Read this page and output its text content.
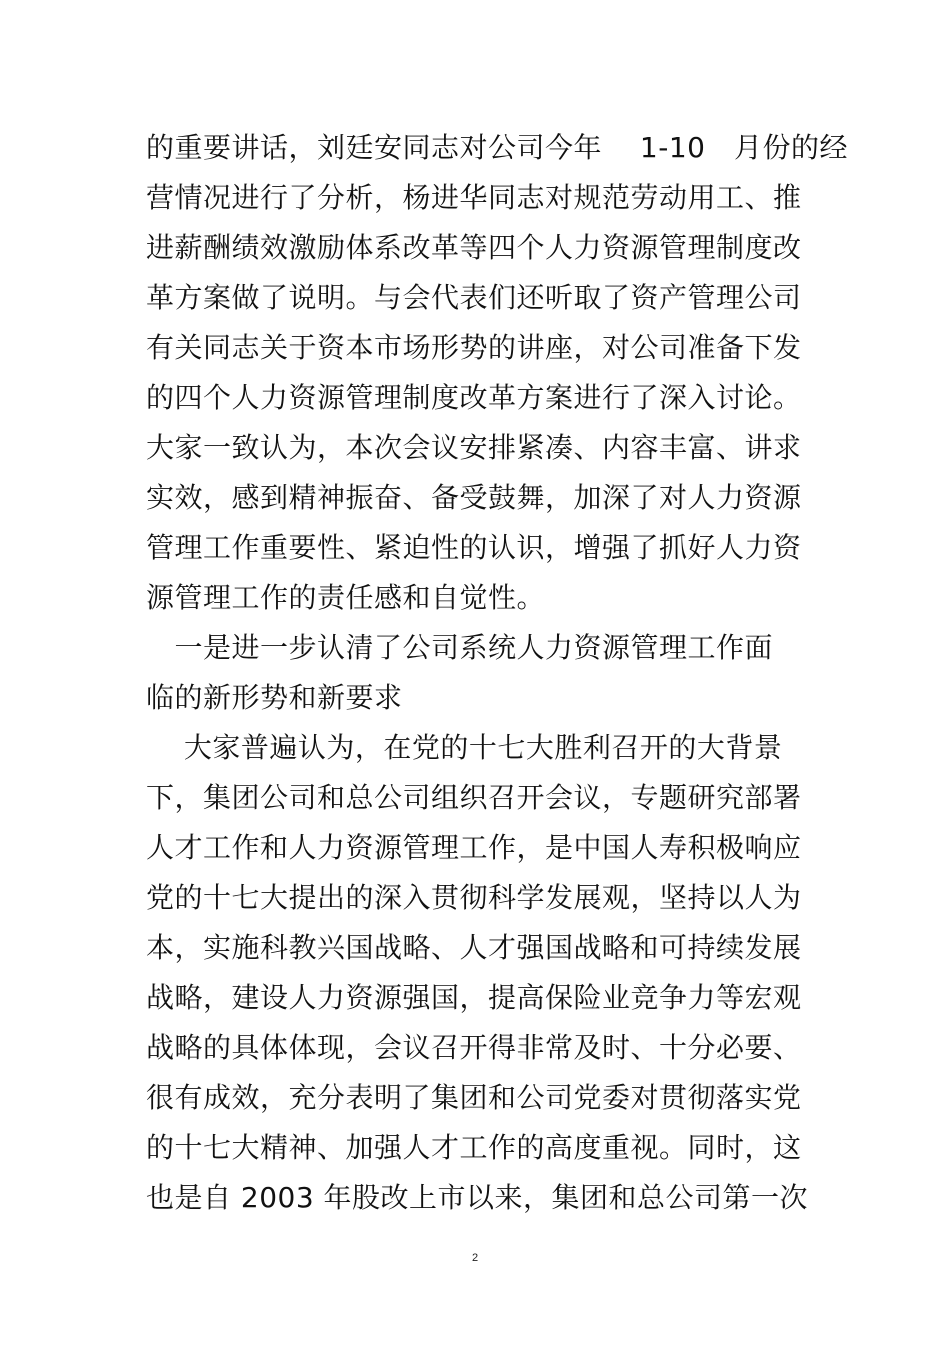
的重要讲话，刘廷安同志对公司今年　 1-10　月份的经
营情况进行了分析，杨进华同志对规范劳动用工、推
进薪酬绩效激励体系改革等四个人力资源管理制度改
革方案做了说明。与会代表们还听取了资产管理公司
有关同志关于资本市场形势的讲座，对公司准备下发
的四个人力资源管理制度改革方案进行了深入讨论。
大家一致认为，本次会议安排紧凑、内容丰富、讲求
实效，感到精神振奋、备受鼓舞，加深了对人力资源
管理工作重要性、紧迫性的认识，增强了抓好人力资
源管理工作的责任感和自觉性。
　一是进一步认清了公司系统人力资源管理工作面
临的新形势和新要求
　 大家普遍认为，在党的十七大胜利召开的大背景
下，集团公司和总公司组织召开会议，专题研究部署
人才工作和人力资源管理工作，是中国人寿积极响应
党的十七大提出的深入贯彻科学发展观，坚持以人为
本，实施科教兴国战略、人才强国战略和可持续发展
战略，建设人力资源强国，提高保险业竞争力等宏观
战略的具体体现，会议召开得非常及时、十分必要、
很有成效，充分表明了集团和公司党委对贯彻落实党
的十七大精神、加强人才工作的高度重视。同时，这
也是自 2003 年股改上市以来，集团和总公司第一次
2
